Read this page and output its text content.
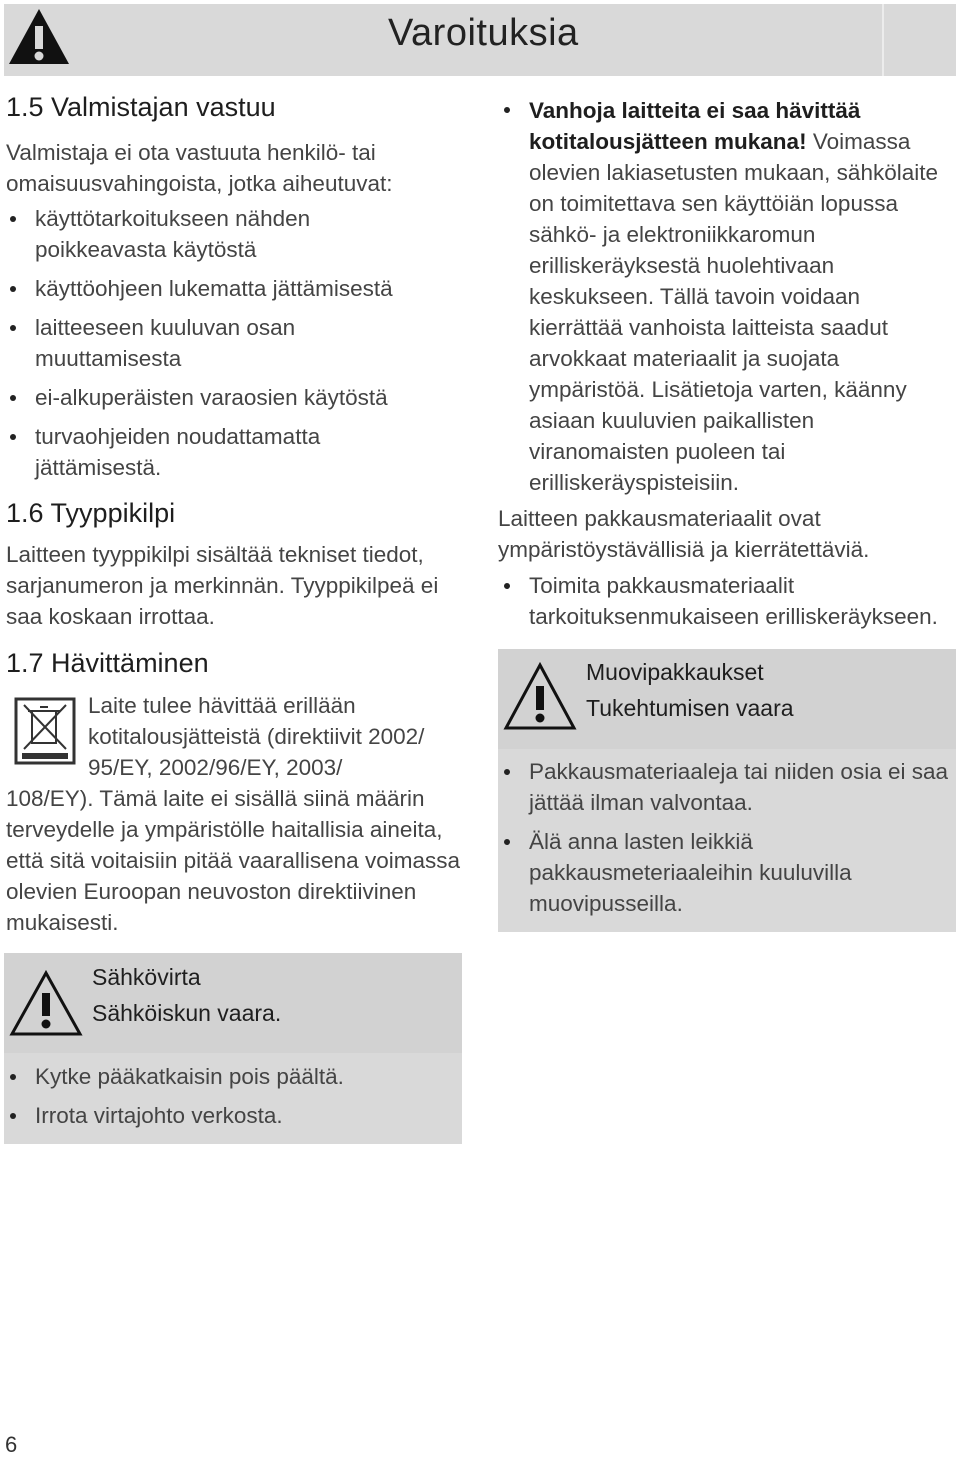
Varoituksia
1.5 Valmistajan vastuu

Valmistaja ei ota vastuuta henkilö- tai omaisuusvahingoista, jotka aiheutuvat:

käyttötarkoitukseen nähden poikkeavasta käytöstä
käyttöohjeen lukematta jättämisestä
laitteeseen kuuluvan osan muuttamisesta
ei-alkuperäisten varaosien käytöstä
turvaohjeiden noudattamatta jättämisestä.
1.6 Tyyppikilpi

Laitteen tyyppikilpi sisältää tekniset tiedot, sarjanumeron ja merkinnän. Tyyppikilpeä ei saa koskaan irrottaa.

1.7 Hävittäminen

Laite tulee hävittää erillään kotitalousjätteistä (direktiivit 2002/ 95/EY, 2002/96/EY, 2003/

108/EY). Tämä laite ei sisällä siinä määrin terveydelle ja ympäristölle haitallisia aineita, että sitä voitaisiin pitää vaarallisena voimassa olevien Euroopan neuvoston direktiivinen mukaisesti.

Sähkövirta
Sähköiskun vaara.
Kytke pääkatkaisin pois päältä.
Irrota virtajohto verkosta.
Vanhoja laitteita ei saa hävittää kotitalousjätteen mukana! Voimassa olevien lakiasetusten mukaan, sähkölaite on toimitettava sen käyttöiän lopussa sähkö- ja elektroniikkaromun erilliskeräyksestä huolehtivaan keskukseen. Tällä tavoin voidaan kierrättää vanhoista laitteista saadut arvokkaat materiaalit ja suojata ympäristöä. Lisätietoja varten, käänny asiaan kuuluvien paikallisten viranomaisten puoleen tai erilliskeräyspisteisiin.

Laitteen pakkausmateriaalit ovat ympäristöystävällisiä ja kierrätettäviä.

Toimita pakkausmateriaalit tarkoituksenmukaiseen erilliskeräykseen.
Muovipakkaukset
Tukehtumisen vaara
Pakkausmateriaaleja tai niiden osia ei saa jättää ilman valvontaa.
Älä anna lasten leikkiä pakkausmeteriaaleihin kuuluvilla muovipusseilla.
6
